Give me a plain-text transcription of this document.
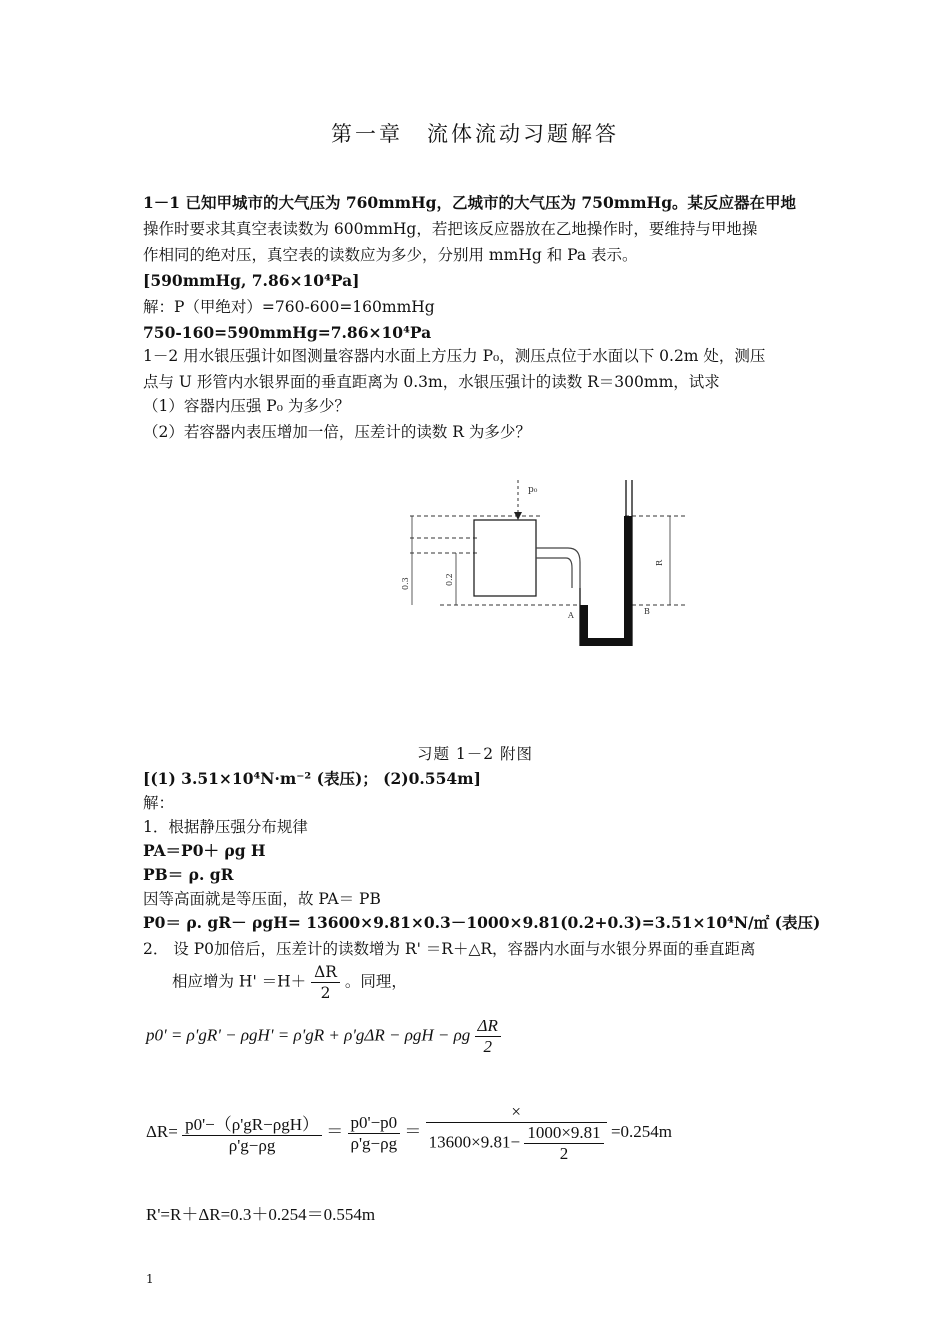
第一章　流体流动习题解答
1－1 已知甲城市的大气压为 760mmHg，乙城市的大气压为 750mmHg。某反应器在甲地
操作时要求其真空表读数为 600mmHg，若把该反应器放在乙地操作时，要维持与甲地操
作相同的绝对压，真空表的读数应为多少，分别用 mmHg 和 Pa 表示。
[590mmHg, 7.86×10⁴Pa]
解：P（甲绝对）=760-600=160mmHg
750-160=590mmHg=7.86×10⁴Pa
1－2 用水银压强计如图测量容器内水面上方压力 P₀，测压点位于水面以下 0.2m 处，测压
点与 U 形管内水银界面的垂直距离为 0.3m，水银压强计的读数 R＝300mm，试求
（1）容器内压强 P₀ 为多少？
（2）若容器内表压增加一倍，压差计的读数 R 为多少？
p₀
A	B
R
0.3	0.2
习题 1－2 附图
[(1) 3.51×10⁴N·m⁻² (表压)； (2)0.554m]
解：
1．根据静压强分布规律
PA＝P0＋ ρg H
PB＝ ρ. gR
因等高面就是等压面，故 PA＝ PB
P0＝ ρ. gR－ ρgH= 13600×9.81×0.3－1000×9.81(0.2+0.3)=3.51×10⁴N/㎡ (表压)
2． 设 P0加倍后，压差计的读数增为 R' ＝R＋△R，容器内水面与水银分界面的垂直距离
相应增为 $H' =H+ \frac{\Delta R}{2}$ 。同理，
p0' = ρ'gR' − ρgH' = ρ'gR + ρ'gΔR − ρgH − ρg $\frac{\Delta R}{2}$
$\Delta R= \frac{\text{p0'−（ρ'gR−ρgH）}}{\rho'g-\rho g} = \frac{p0'-p0}{\rho'g-\rho g} = \frac{\times}{13600\times 9.81- \frac{1000\times 9.81}{2}} =0.254m$
R'=R＋ΔR=0.3＋0.254＝0.554m
1
